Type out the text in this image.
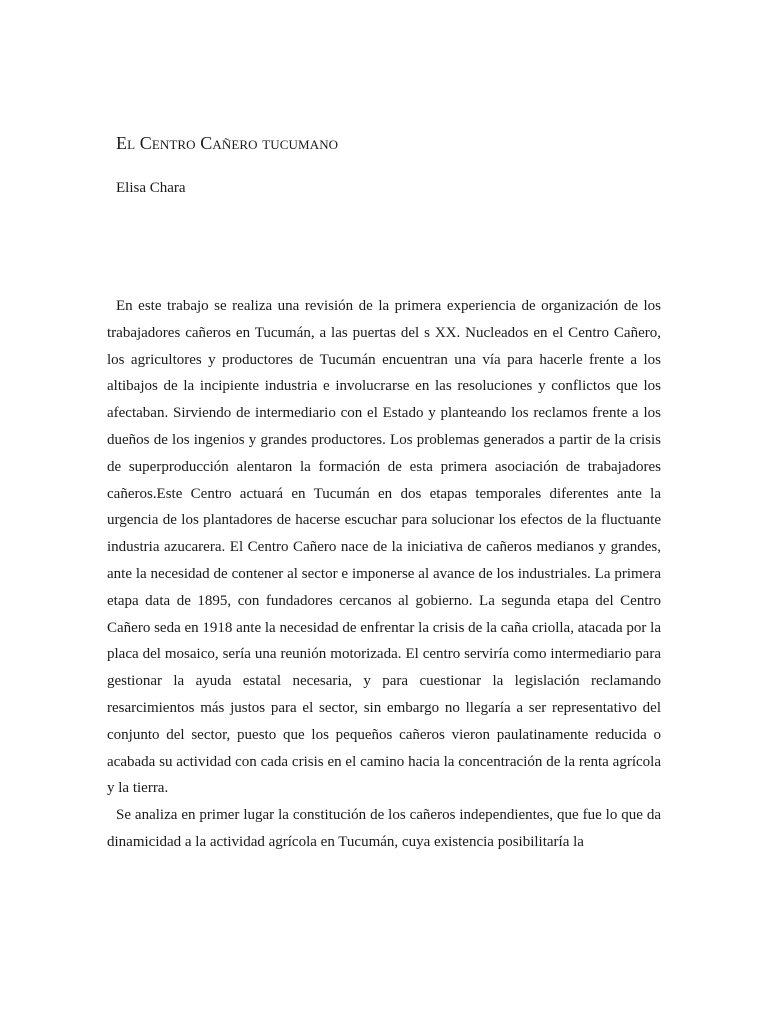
El Centro Cañero tucumano
Elisa Chara

En este trabajo se realiza una revisión de la primera experiencia de organización de los trabajadores cañeros en Tucumán, a las puertas del s XX. Nucleados en el Centro Cañero, los agricultores y productores de Tucumán encuentran una vía para hacerle frente a los altibajos de la incipiente industria e involucrarse en las resoluciones y conflictos que los afectaban. Sirviendo de intermediario con el Estado y planteando los reclamos frente a los dueños de los ingenios y grandes productores. Los problemas generados a partir de la crisis de superproducción alentaron la formación de esta primera asociación de trabajadores cañeros.Este Centro actuará en Tucumán en dos etapas temporales diferentes ante la urgencia de los plantadores de hacerse escuchar para solucionar los efectos de la fluctuante industria azucarera. El Centro Cañero nace de la iniciativa de cañeros medianos y grandes, ante la necesidad de contener al sector e imponerse al avance de los industriales. La primera etapa data de 1895, con fundadores cercanos al gobierno. La segunda etapa del Centro Cañero seda en 1918 ante la necesidad de enfrentar la crisis de la caña criolla, atacada por la placa del mosaico, sería una reunión motorizada. El centro serviría como intermediario para gestionar la ayuda estatal necesaria, y para cuestionar la legislación reclamando resarcimientos más justos para el sector, sin embargo no llegaría a ser representativo del conjunto del sector, puesto que los pequeños cañeros vieron paulatinamente reducida o acabada su actividad con cada crisis en el camino hacia la concentración de la renta agrícola y la tierra.

Se analiza en primer lugar la constitución de los cañeros independientes, que fue lo que da dinamicidad a la actividad agrícola en Tucumán, cuya existencia posibilitaría la
